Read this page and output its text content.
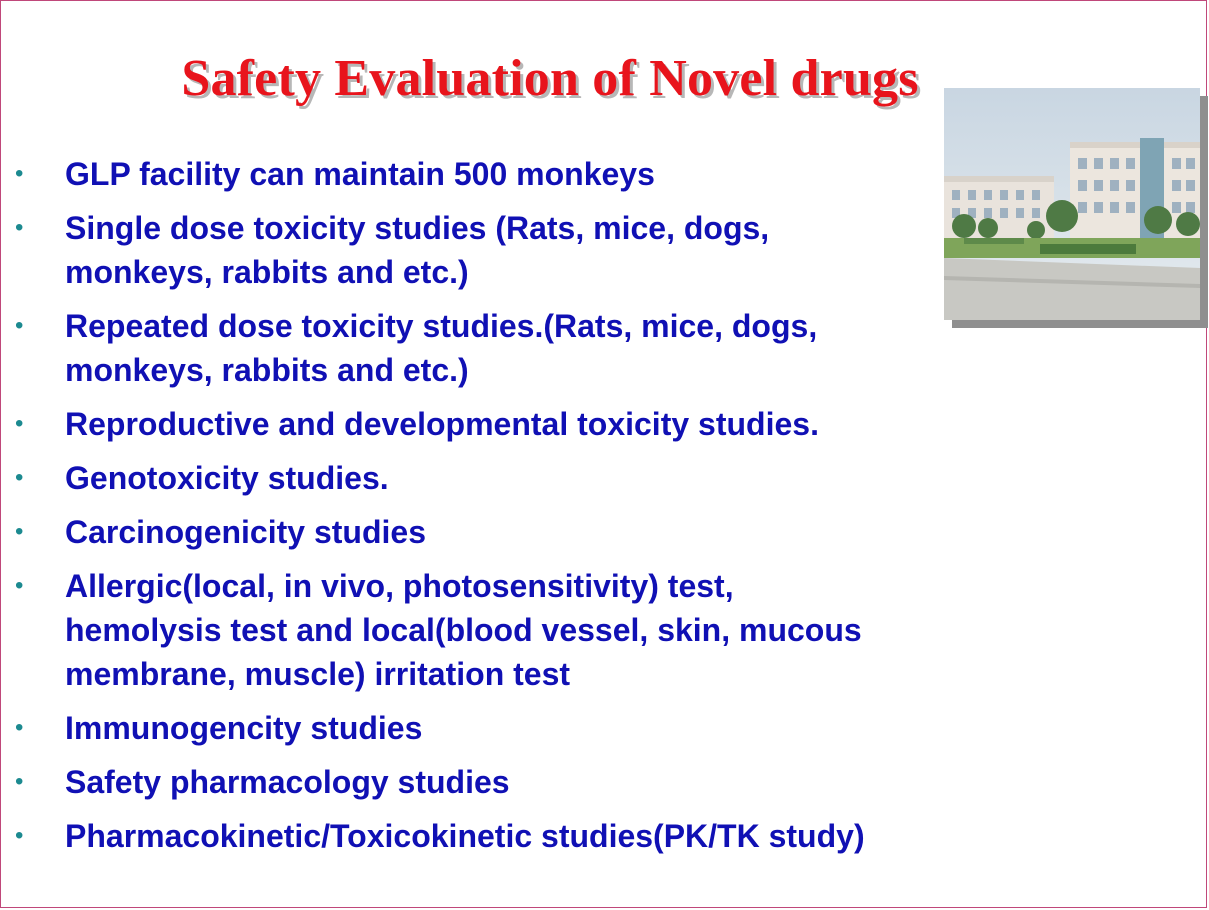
Safety Evaluation of Novel drugs
• GLP facility can maintain 500 monkeys
• Single dose toxicity studies (Rats, mice, dogs,
monkeys, rabbits and etc.)
• Repeated dose toxicity studies.(Rats, mice, dogs,
monkeys, rabbits and etc.)
• Reproductive and developmental toxicity studies.
• Genotoxicity studies.
• Carcinogenicity studies
• Allergic(local, in vivo, photosensitivity) test,
hemolysis test and local(blood vessel, skin, mucous
membrane, muscle) irritation test
• Immunogencity studies
• Safety pharmacology studies
• Pharmacokinetic/Toxicokinetic studies(PK/TK study)
